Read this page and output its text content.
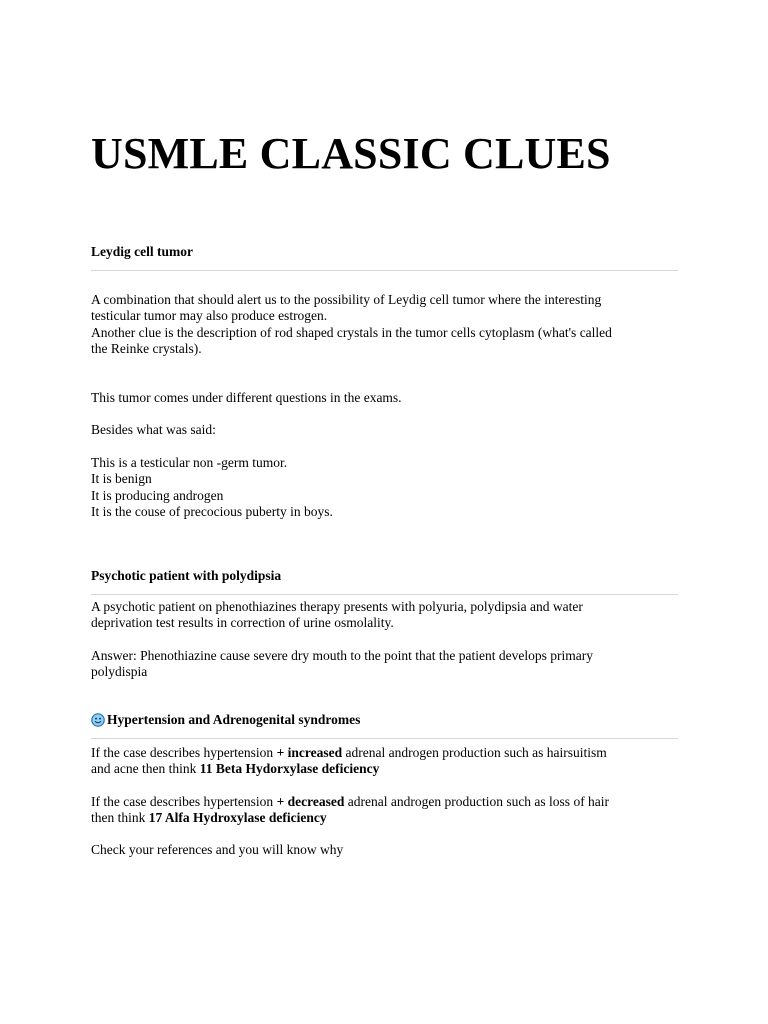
USMLE CLASSIC CLUES

Leydig cell tumor

A combination that should alert us to the possibility of Leydig cell tumor where the interesting
testicular tumor may also produce estrogen.
Another clue is the description of rod shaped crystals in the tumor cells cytoplasm (what's called
the Reinke crystals).

This tumor comes under different questions in the exams.

Besides what was said:

This is a testicular non -germ tumor.
It is benign
It is producing androgen
It is the couse of precocious puberty in boys.

Psychotic patient with polydipsia

A psychotic patient on phenothiazines therapy presents with polyuria, polydipsia and water
deprivation test results in correction of urine osmolality.

Answer: Phenothiazine cause severe dry mouth to the point that the patient develops primary
polydispia

Hypertension and Adrenogenital syndromes

If the case describes hypertension + increased adrenal androgen production such as hairsuitism
and acne then think 11 Beta Hydorxylase deficiency

If the case describes hypertension + decreased adrenal androgen production such as loss of hair
then think 17 Alfa Hydroxylase deficiency

Check your references and you will know why
